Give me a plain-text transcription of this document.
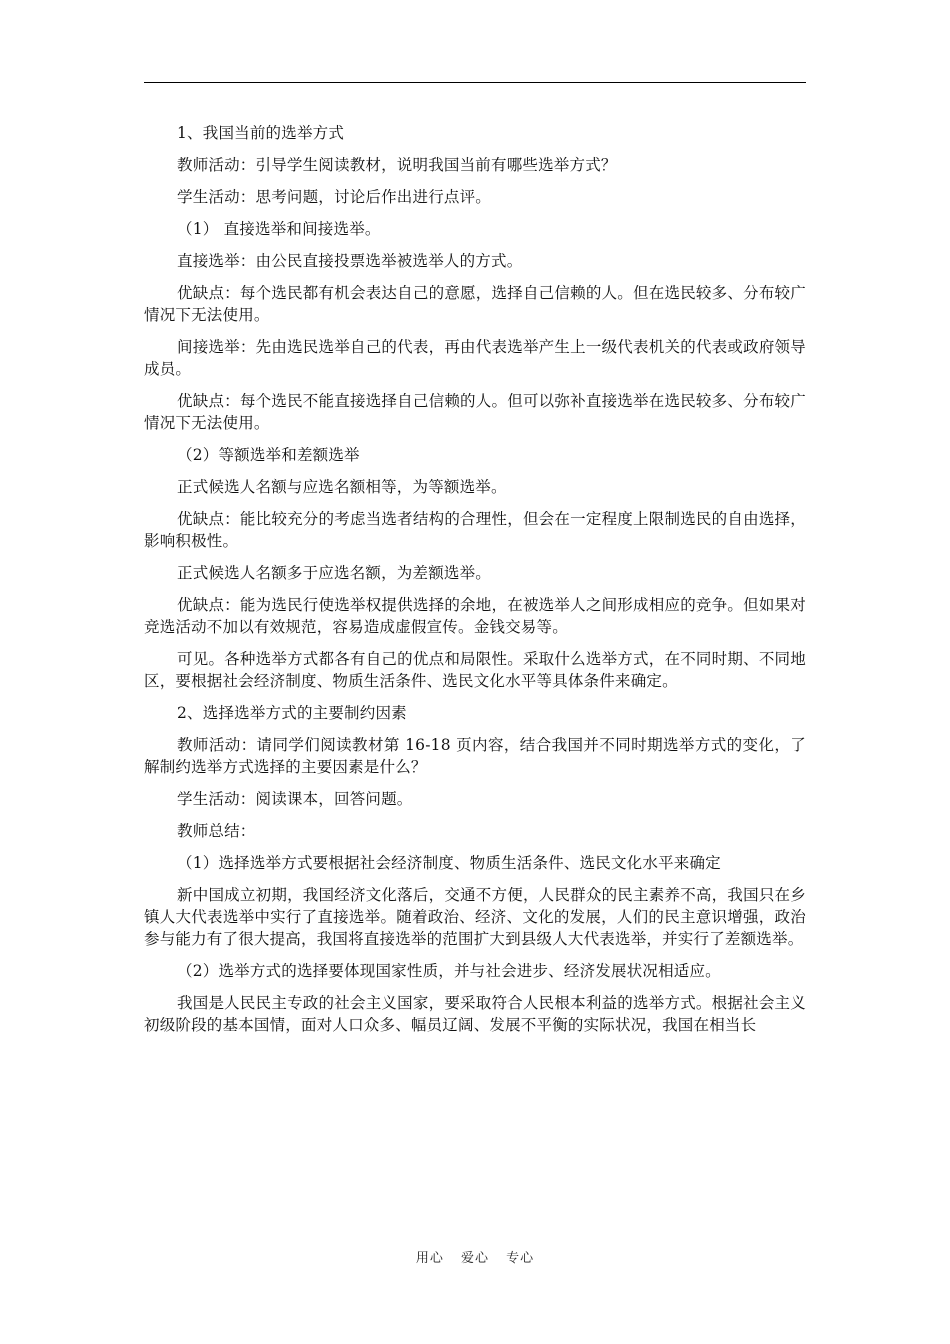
1、我国当前的选举方式

教师活动：引导学生阅读教材，说明我国当前有哪些选举方式？

学生活动：思考问题，讨论后作出进行点评。

（1） 直接选举和间接选举。

直接选举：由公民直接投票选举被选举人的方式。

优缺点：每个选民都有机会表达自己的意愿，选择自己信赖的人。但在选民较多、分布较广情况下无法使用。

间接选举：先由选民选举自己的代表，再由代表选举产生上一级代表机关的代表或政府领导成员。

优缺点：每个选民不能直接选择自己信赖的人。但可以弥补直接选举在选民较多、分布较广情况下无法使用。

（2）等额选举和差额选举

正式候选人名额与应选名额相等，为等额选举。

优缺点：能比较充分的考虑当选者结构的合理性，但会在一定程度上限制选民的自由选择，影响积极性。

正式候选人名额多于应选名额，为差额选举。

优缺点：能为选民行使选举权提供选择的余地，在被选举人之间形成相应的竞争。但如果对竞选活动不加以有效规范，容易造成虚假宣传。金钱交易等。

可见。各种选举方式都各有自己的优点和局限性。采取什么选举方式，在不同时期、不同地区，要根据社会经济制度、物质生活条件、选民文化水平等具体条件来确定。

2、选择选举方式的主要制约因素

教师活动：请同学们阅读教材第 16-18 页内容，结合我国并不同时期选举方式的变化，了解制约选举方式选择的主要因素是什么？

学生活动：阅读课本，回答问题。

教师总结：

（1）选择选举方式要根据社会经济制度、物质生活条件、选民文化水平来确定

新中国成立初期，我国经济文化落后，交通不方便，人民群众的民主素养不高，我国只在乡镇人大代表选举中实行了直接选举。随着政治、经济、文化的发展，人们的民主意识增强，政治参与能力有了很大提高，我国将直接选举的范围扩大到县级人大代表选举，并实行了差额选举。

（2）选举方式的选择要体现国家性质，并与社会进步、经济发展状况相适应。

我国是人民民主专政的社会主义国家，要采取符合人民根本利益的选举方式。根据社会主义初级阶段的基本国情，面对人口众多、幅员辽阔、发展不平衡的实际状况，我国在相当长

用心 爱心 专心
